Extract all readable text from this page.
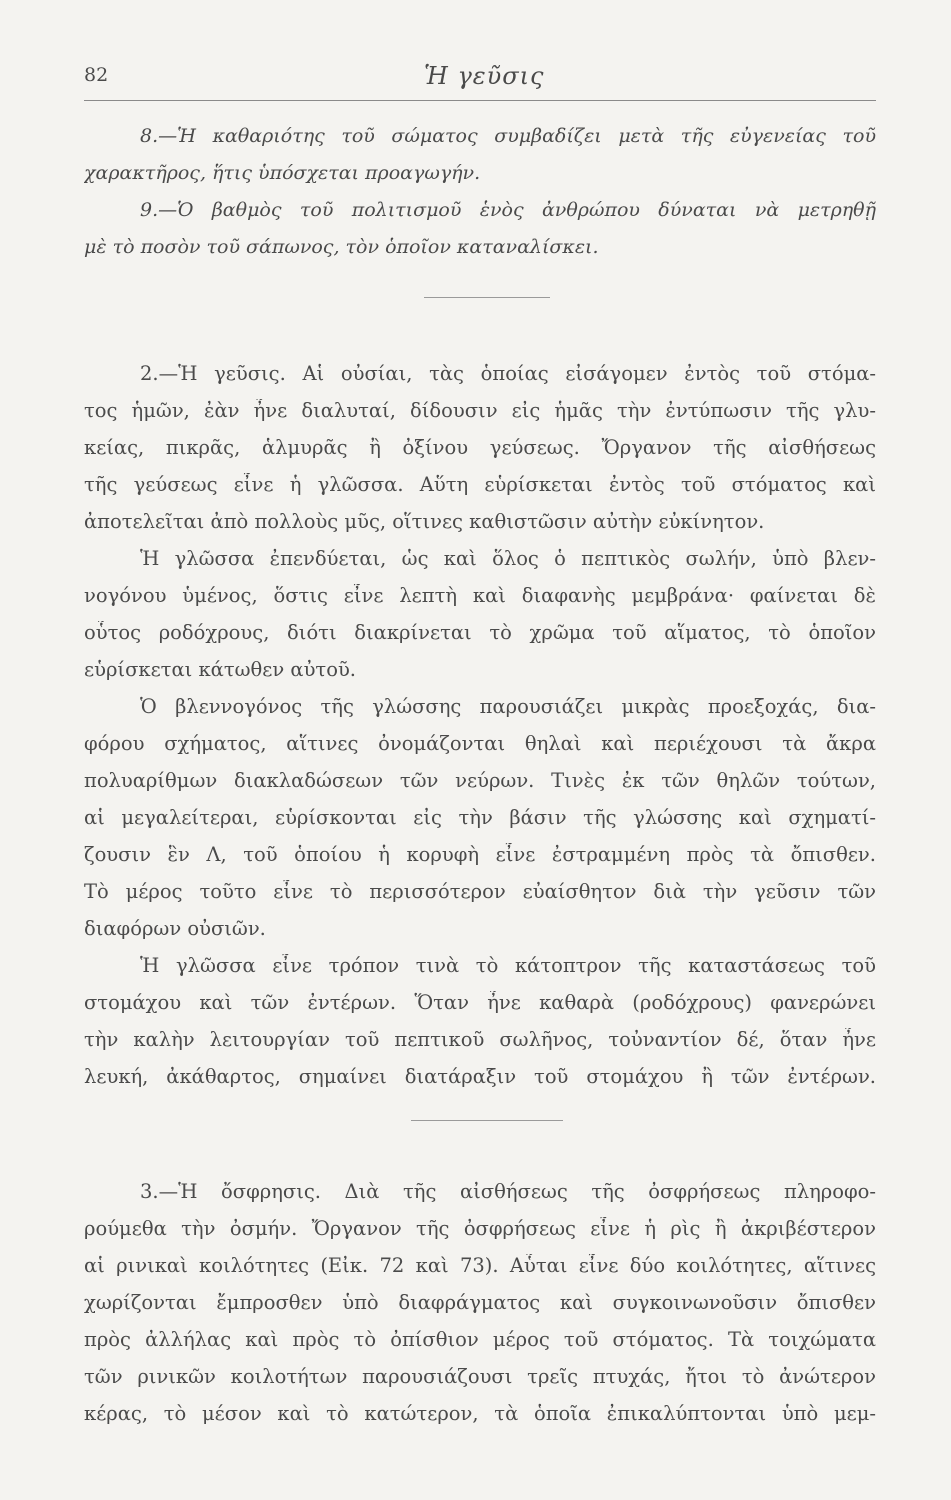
82	Ἡ γεῦσις
8.—Ἡ καθαριότης τοῦ σώματος συμβαδίζει μετὰ τῆς εὐγενείας τοῦ
χαρακτῆρος, ἥτις ὑπόσχεται προαγωγήν.
9.—Ὁ βαθμὸς τοῦ πολιτισμοῦ ἑνὸς ἀνθρώπου δύναται νὰ μετρηθῇ
μὲ τὸ ποσὸν τοῦ σάπωνος, τὸν ὁποῖον καταναλίσκει.
2.—Ἡ γεῦσις. Αἱ οὐσίαι, τὰς ὁποίας εἰσάγομεν ἐντὸς τοῦ στόμα-
τος ἡμῶν, ἐὰν ἦνε διαλυταί, δίδουσιν εἰς ἡμᾶς τὴν ἐντύπωσιν τῆς γλυ-
κείας, πικρᾶς, ἁλμυρᾶς ἢ ὀξίνου γεύσεως. Ὄργανον τῆς αἰσθήσεως
τῆς γεύσεως εἶνε ἡ γλῶσσα. Αὕτη εὑρίσκεται ἐντὸς τοῦ στόματος καὶ
ἀποτελεῖται ἀπὸ πολλοὺς μῦς, οἵτινες καθιστῶσιν αὐτὴν εὐκίνητον.
Ἡ γλῶσσα ἐπενδύεται, ὡς καὶ ὅλος ὁ πεπτικὸς σωλήν, ὑπὸ βλεν-
νογόνου ὑμένος, ὅστις εἶνε λεπτὴ καὶ διαφανὴς μεμβράνα· φαίνεται δὲ
οὗτος ροδόχρους, διότι διακρίνεται τὸ χρῶμα τοῦ αἵματος, τὸ ὁποῖον
εὑρίσκεται κάτωθεν αὐτοῦ.
Ὁ βλεννογόνος τῆς γλώσσης παρουσιάζει μικρὰς προεξοχάς, δια-
φόρου σχήματος, αἵτινες ὀνομάζονται θηλαὶ καὶ περιέχουσι τὰ ἄκρα
πολυαρίθμων διακλαδώσεων τῶν νεύρων. Τινὲς ἐκ τῶν θηλῶν τούτων,
αἱ μεγαλείτεραι, εὑρίσκονται εἰς τὴν βάσιν τῆς γλώσσης καὶ σχηματί-
ζουσιν ἓν Λ, τοῦ ὁποίου ἡ κορυφὴ εἶνε ἐστραμμένη πρὸς τὰ ὄπισθεν.
Τὸ μέρος τοῦτο εἶνε τὸ περισσότερον εὐαίσθητον διὰ τὴν γεῦσιν τῶν
διαφόρων οὐσιῶν.
Ἡ γλῶσσα εἶνε τρόπον τινὰ τὸ κάτοπτρον τῆς καταστάσεως τοῦ
στομάχου καὶ τῶν ἐντέρων. Ὅταν ἦνε καθαρὰ (ροδόχρους) φανερώνει
τὴν καλὴν λειτουργίαν τοῦ πεπτικοῦ σωλῆνος, τοὐναντίον δέ, ὅταν ἦνε
λευκή, ἀκάθαρτος, σημαίνει διατάραξιν τοῦ στομάχου ἢ τῶν ἐντέρων.
3.—Ἡ ὄσφρησις. Διὰ τῆς αἰσθήσεως τῆς ὀσφρήσεως πληροφο-
ρούμεθα τὴν ὀσμήν. Ὄργανον τῆς ὀσφρήσεως εἶνε ἡ ρὶς ἢ ἀκριβέστερον
αἱ ρινικαὶ κοιλότητες (Εἰκ. 72 καὶ 73). Αὗται εἶνε δύο κοιλότητες, αἵτινες
χωρίζονται ἔμπροσθεν ὑπὸ διαφράγματος καὶ συγκοινωνοῦσιν ὄπισθεν
πρὸς ἀλλήλας καὶ πρὸς τὸ ὀπίσθιον μέρος τοῦ στόματος. Τὰ τοιχώματα
τῶν ρινικῶν κοιλοτήτων παρουσιάζουσι τρεῖς πτυχάς, ἤτοι τὸ ἀνώτερον
κέρας, τὸ μέσον καὶ τὸ κατώτερον, τὰ ὁποῖα ἐπικαλύπτονται ὑπὸ μεμ-
